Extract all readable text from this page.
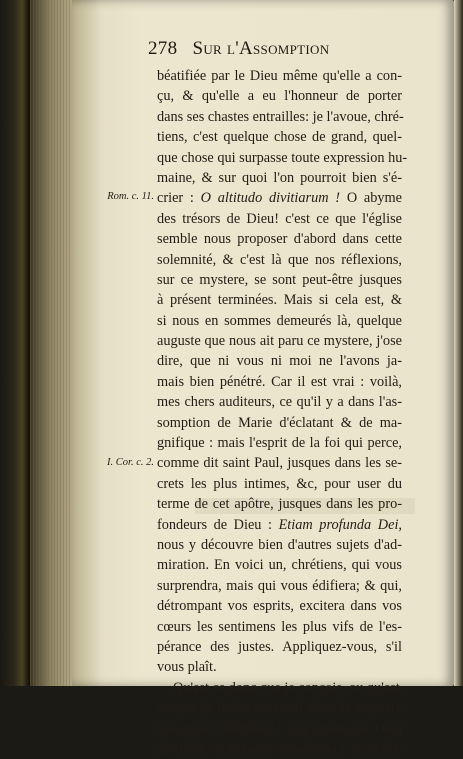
278 Sur l'Assomption
Rom. c. 11.
I. Cor. c. 2.
béatifiée par le Dieu même qu'elle a con-
çu, & qu'elle a eu l'honneur de porter
dans ses chastes entrailles: je l'avoue, chré-
tiens, c'est quelque chose de grand, quel-
que chose qui surpasse toute expression hu-
maine, & sur quoi l'on pourroit bien s'é-
crier : O altitudo divitiarum ! O abyme
des trésors de Dieu! c'est ce que l'église
semble nous proposer d'abord dans cette
solemnité, & c'est là que nos réflexions,
sur ce mystere, se sont peut-être jusques
à présent terminées. Mais si cela est, &
si nous en sommes demeurés là, quelque
auguste que nous ait paru ce mystere, j'ose
dire, que ni vous ni moi ne l'avons ja-
mais bien pénétré. Car il est vrai : voilà,
mes chers auditeurs, ce qu'il y a dans l'as-
somption de Marie d'éclatant & de ma-
gnifique : mais l'esprit de la foi qui perce,
comme dit saint Paul, jusques dans les se-
crets les plus intimes, &c, pour user du
terme de cet apôtre, jusques dans les pro-
fondeurs de Dieu : Etiam profunda Dei,
nous y découvre bien d'autres sujets d'ad-
miration. En voici un, chrétiens, qui vous
surprendra, mais qui vous édifiera; & qui,
détrompant vos esprits, excitera dans vos
cœurs les sentimens les plus vifs de l'es-
pérance des justes. Appliquez-vous, s'il
vous plaît.
Qu'est ce donc que je conçois, ou qu'est-
ce que je dois concevoir dans le mystere
que nous célébrons? une mere de Dieu
glorifiée, non point absolument & préci-
